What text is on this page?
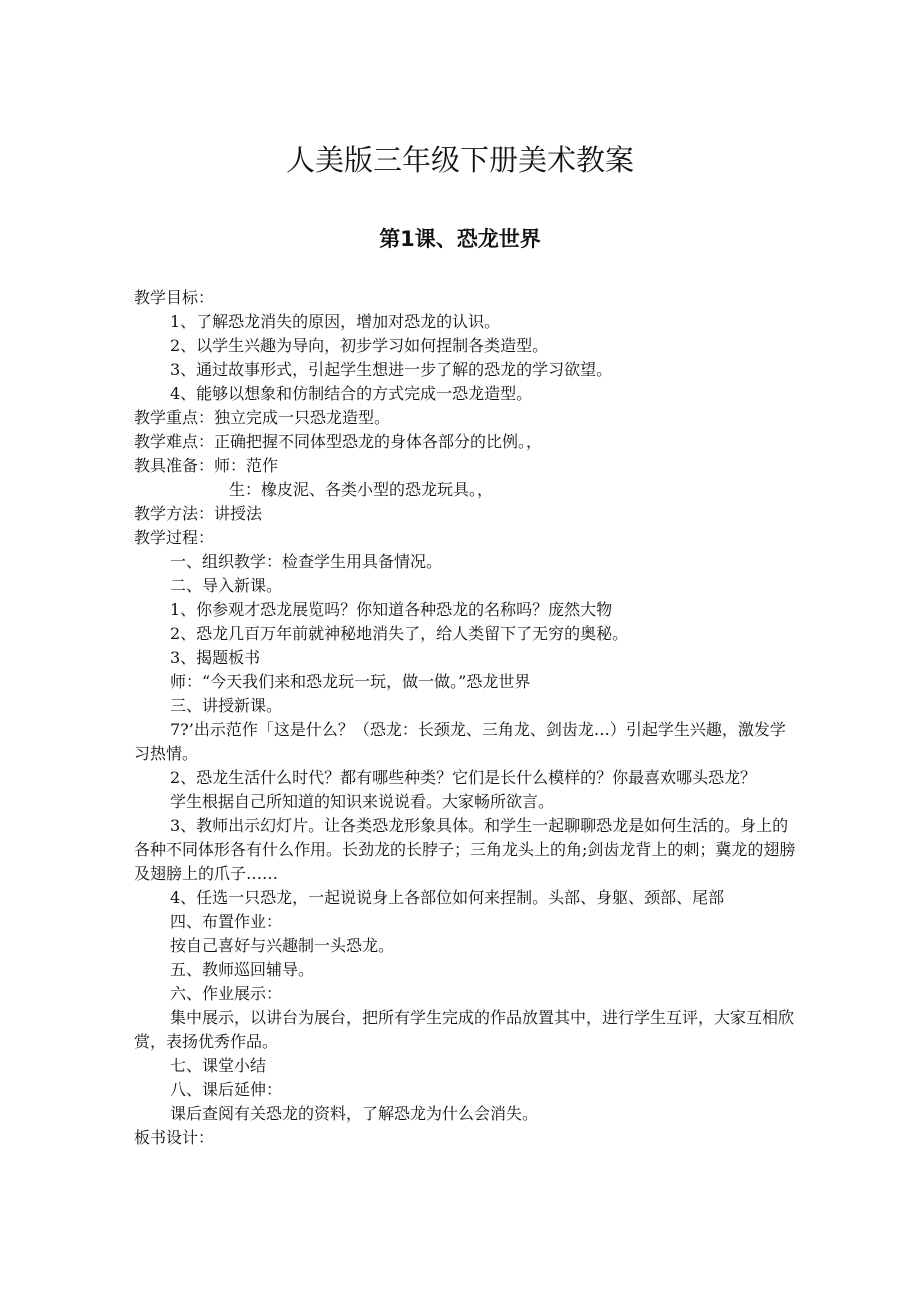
人美版三年级下册美术教案
第1课、恐龙世界

教学目标：

1、了解恐龙消失的原因，增加对恐龙的认识。

2、以学生兴趣为导向，初步学习如何捏制各类造型。

3、通过故事形式，引起学生想进一步了解的恐龙的学习欲望。

4、能够以想象和仿制结合的方式完成一恐龙造型。

教学重点：独立完成一只恐龙造型。

教学难点：正确把握不同体型恐龙的身体各部分的比例。，

教具准备：师：范作

生：橡皮泥、各类小型的恐龙玩具。，

教学方法：讲授法

教学过程：

一、组织教学：检查学生用具备情况。

二、导入新课。

1、你参观才恐龙展览吗？你知道各种恐龙的名称吗？庞然大物

2、恐龙几百万年前就神秘地消失了，给人类留下了无穷的奥秘。

3、揭题板书

师：“今天我们来和恐龙玩一玩，做一做。”恐龙世界

三、讲授新课。

7?’出示范作「这是什么？（恐龙：长颈龙、三角龙、剑齿龙…）引起学生兴趣，激发学习热情。

2、恐龙生活什么时代？都有哪些种类？它们是长什么模样的？你最喜欢哪头恐龙？

学生根据自己所知道的知识来说说看。大家畅所欲言。

3、教师出示幻灯片。让各类恐龙形象具体。和学生一起聊聊恐龙是如何生活的。身上的各种不同体形各有什么作用。长劲龙的长脖子；三角龙头上的角;剑齿龙背上的刺；冀龙的翅膀及翅膀上的爪子……

4、任选一只恐龙，一起说说身上各部位如何来捏制。头部、身躯、颈部、尾部

四、布置作业：

按自己喜好与兴趣制一头恐龙。

五、教师巡回辅导。

六、作业展示：

集中展示，以讲台为展台，把所有学生完成的作品放置其中，进行学生互评，大家互相欣赏，表扬优秀作品。

七、课堂小结

八、课后延伸：

课后查阅有关恐龙的资料，了解恐龙为什么会消失。

板书设计：
